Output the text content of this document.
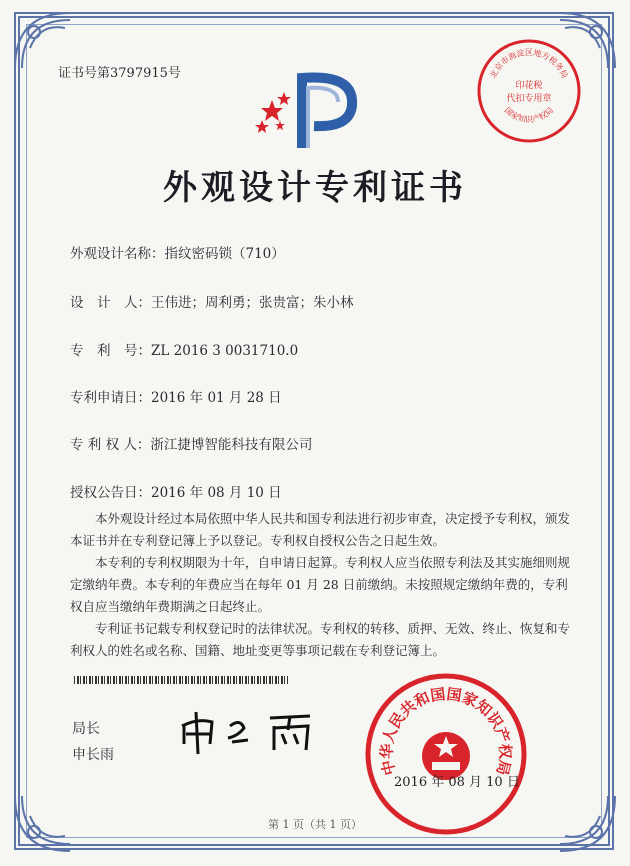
证书号第3797915号
外观设计专利证书
外观设计名称：指纹密码锁（710）
设　计　人：王伟进；周利勇；张贵富；朱小林
专　利　号：ZL 2016 3 0031710.0
专利申请日：2016 年 01 月 28 日
专 利 权 人：浙江捷博智能科技有限公司
授权公告日：2016 年 08 月 10 日
本外观设计经过本局依照中华人民共和国专利法进行初步审查，决定授予专利权，颁发本证书并在专利登记簿上予以登记。专利权自授权公告之日起生效。
本专利的专利权期限为十年，自申请日起算。专利权人应当依照专利法及其实施细则规定缴纳年费。本专利的年费应当在每年 01 月 28 日前缴纳。未按照规定缴纳年费的，专利权自应当缴纳年费期满之日起终止。
专利证书记载专利权登记时的法律状况。专利权的转移、质押、无效、终止、恢复和专利权人的姓名或名称、国籍、地址变更等事项记载在专利登记簿上。
局长
申长雨
中华人民共和国国家知识产权局
2016 年 08 月 10 日
北京市海淀区地方税务局
印花税
代扣专用章
国家知识产权局
第 1 页（共 1 页）
